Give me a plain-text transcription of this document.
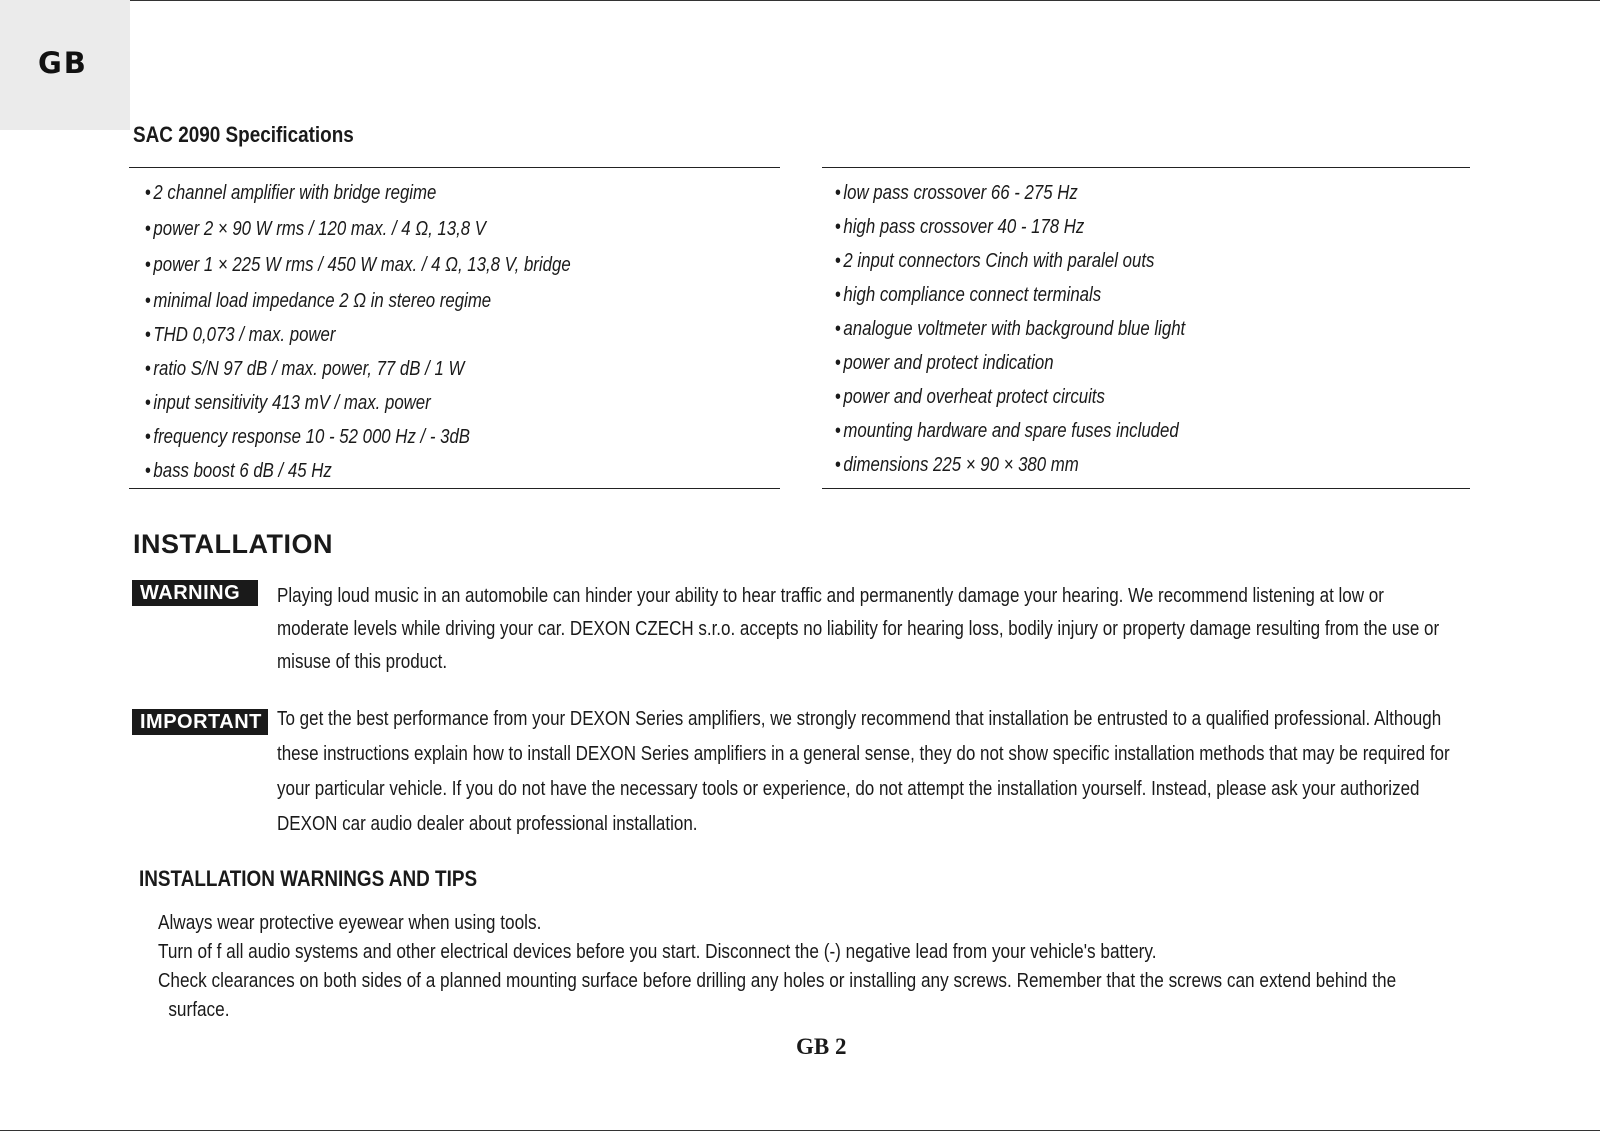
GB
SAC 2090 Specifications
• 2 channel amplifier with bridge regime
• power 2 × 90 W rms / 120 max. / 4 Ω, 13,8 V
• power 1 × 225 W rms / 450 W max. / 4 Ω, 13,8 V, bridge
• minimal load impedance 2 Ω in stereo regime
• THD 0,073 / max. power
• ratio S/N 97 dB / max. power, 77 dB / 1 W
• input sensitivity 413 mV / max. power
• frequency response 10 - 52 000 Hz / - 3dB
• bass boost 6 dB / 45 Hz
• low pass crossover 66 - 275 Hz
• high pass crossover 40 - 178 Hz
• 2 input connectors Cinch with paralel outs
• high compliance connect terminals
• analogue voltmeter with background blue light
• power and protect indication
• power and overheat protect circuits
• mounting hardware and spare fuses included
• dimensions 225 × 90 × 380 mm
INSTALLATION
WARNING	Playing loud music in an automobile can hinder your ability to hear traffic and permanently damage your hearing. We recommend listening at low or moderate levels while driving your car. DEXON CZECH s.r.o. accepts no liability for hearing loss, bodily injury or property damage resulting from the use or misuse of this product.
IMPORTANT To get the best performance from your DEXON Series amplifiers, we strongly recommend that installation be entrusted to a qualified professional. Although these instructions explain how to install DEXON Series amplifiers in a general sense, they do not show specific installation methods that may be required for your particular vehicle. If you do not have the necessary tools or experience, do not attempt the installation yourself. Instead, please ask your authorized DEXON car audio dealer about professional installation.
INSTALLATION WARNINGS AND TIPS
Always wear protective eyewear when using tools.
Turn of f all audio systems and other electrical devices before you start. Disconnect the (-) negative lead from your vehicle's battery.
Check clearances on both sides of a planned mounting surface before drilling any holes or installing any screws. Remember that the screws can extend behind the
surface.
GB 2
